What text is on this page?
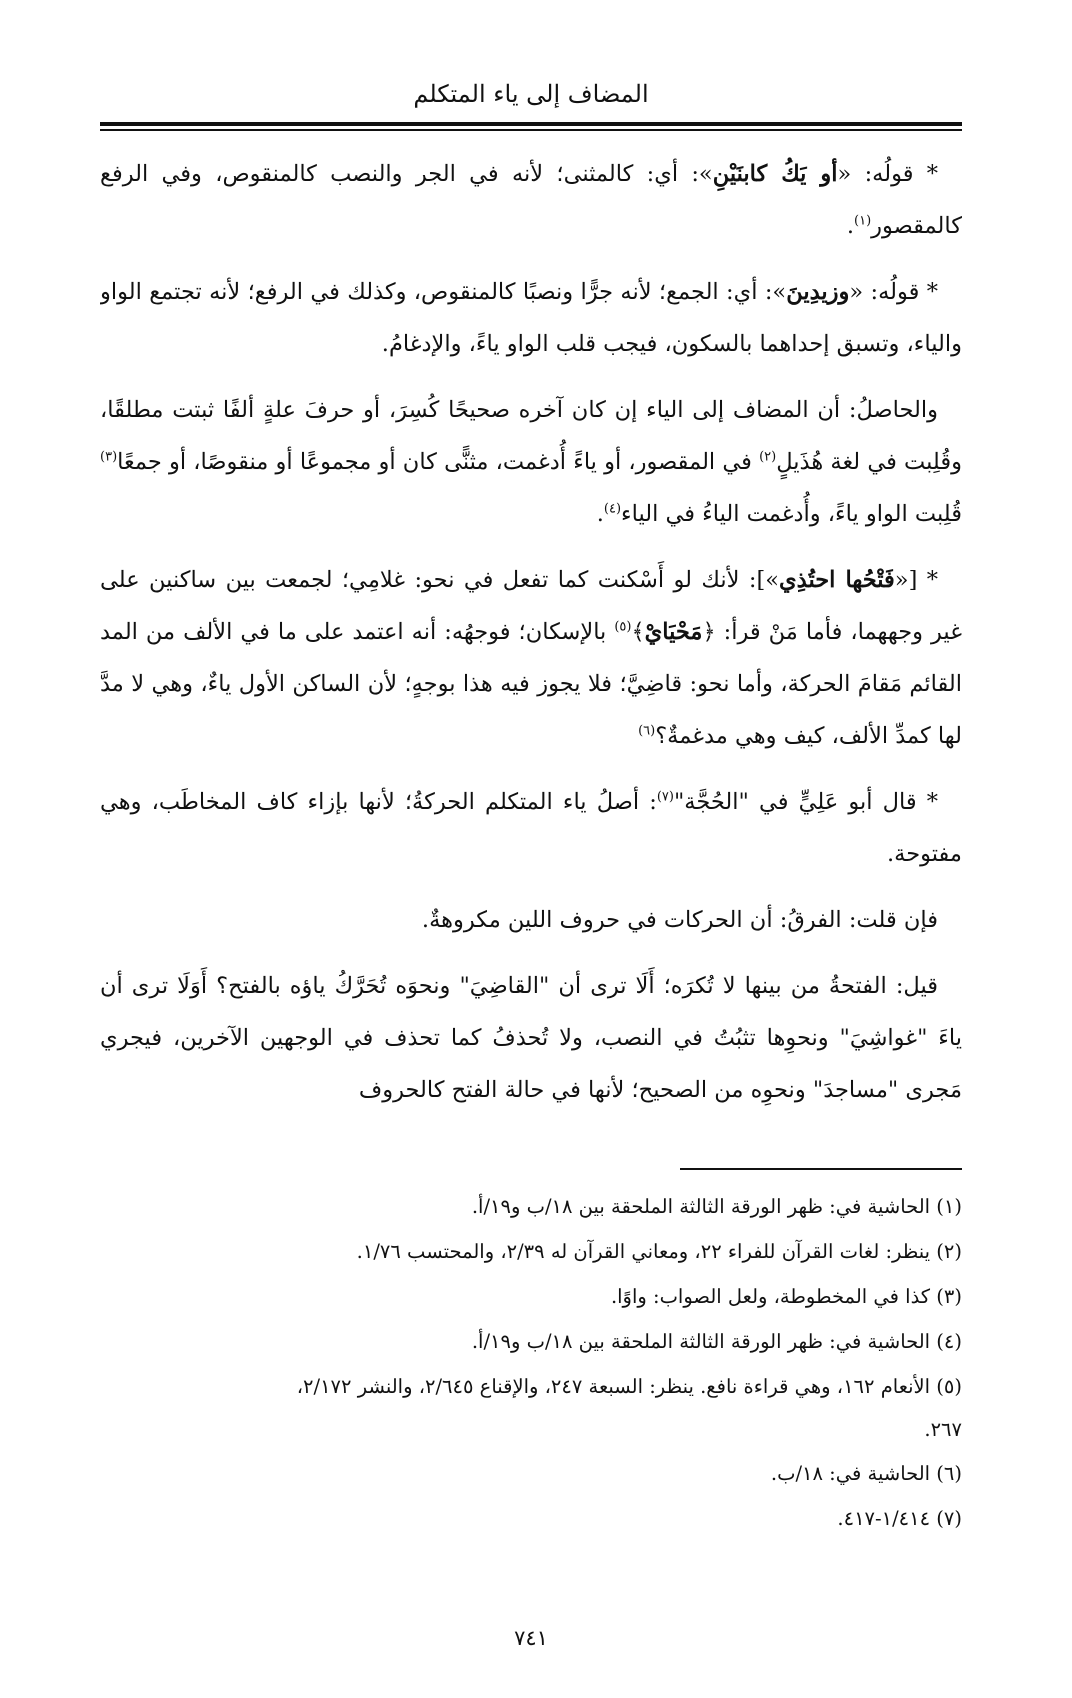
المضاف إلى ياء المتكلم

* قولُه: «أو يَكُ كابنَيْنِ»: أي: كالمثنى؛ لأنه في الجر والنصب كالمنقوص، وفي الرفع كالمقصور$^{(١)}$.

* قولُه: «وزيدِينَ»: أي: الجمع؛ لأنه جرًّا ونصبًا كالمنقوص، وكذلك في الرفع؛ لأنه تجتمع الواو والياء، وتسبق إحداهما بالسكون، فيجب قلب الواو ياءً، والإدغامُ.

والحاصلُ: أن المضاف إلى الياء إن كان آخره صحيحًا كُسِرَ، أو حرفَ علةٍ ألفًا ثبتت مطلقًا، وقُلِبت في لغة هُذَيلٍ$^{(٢)}$ في المقصور، أو ياءً أُدغمت، مثنًّى كان أو مجموعًا أو منقوصًا، أو جمعًا$^{(٣)}$ قُلِبت الواو ياءً، وأُدغمت الياءُ في الياء$^{(٤)}$.

* [«فَتْحُها احتُذِي»]: لأنك لو أَسْكنت كما تفعل في نحو: غلامِي؛ لجمعت بين ساكنين على غير وجههما، فأما مَنْ قرأ: ﴿مَحْيَايْ﴾$^{(٥)}$ بالإسكان؛ فوجهُه: أنه اعتمد على ما في الألف من المد القائم مَقامَ الحركة، وأما نحو: قاضِيَّ؛ فلا يجوز فيه هذا بوجهٍ؛ لأن الساكن الأول ياءٌ، وهي لا مدَّ لها كمدِّ الألف، كيف وهي مدغمةٌ؟$^{(٦)}$

* قال أبو عَلِيٍّ في "الحُجَّة"$^{(٧)}$: أصلُ ياء المتكلم الحركةُ؛ لأنها بإزاء كاف المخاطَب، وهي مفتوحة.

فإن قلت: الفرقُ: أن الحركات في حروف اللين مكروهةٌ.

قيل: الفتحةُ من بينها لا تُكرَه؛ أَلَا ترى أن "القاضِيَ" ونحوَه تُحَرَّكُ ياؤه بالفتح؟ أَوَلَا ترى أن ياءَ "غواشِيَ" ونحوِها تثبُتُ في النصب، ولا تُحذفُ كما تحذف في الوجهين الآخرين، فيجري مَجرى "مساجدَ" ونحوِه من الصحيح؛ لأنها في حالة الفتح كالحروف

(١) الحاشية في: ظهر الورقة الثالثة الملحقة بين ١٨/ب و١٩/أ.

(٢) ينظر: لغات القرآن للفراء ٢٢، ومعاني القرآن له ٢/٣٩، والمحتسب ١/٧٦.

(٣) كذا في المخطوطة، ولعل الصواب: واوًا.

(٤) الحاشية في: ظهر الورقة الثالثة الملحقة بين ١٨/ب و١٩/أ.

(٥) الأنعام ١٦٢، وهي قراءة نافع. ينظر: السبعة ٢٤٧، والإقناع ٢/٦٤٥، والنشر ٢/١٧٢،

٢٦٧.

(٦) الحاشية في: ١٨/ب.

(٧) ١/٤١٤-٤١٧.

٧٤١
